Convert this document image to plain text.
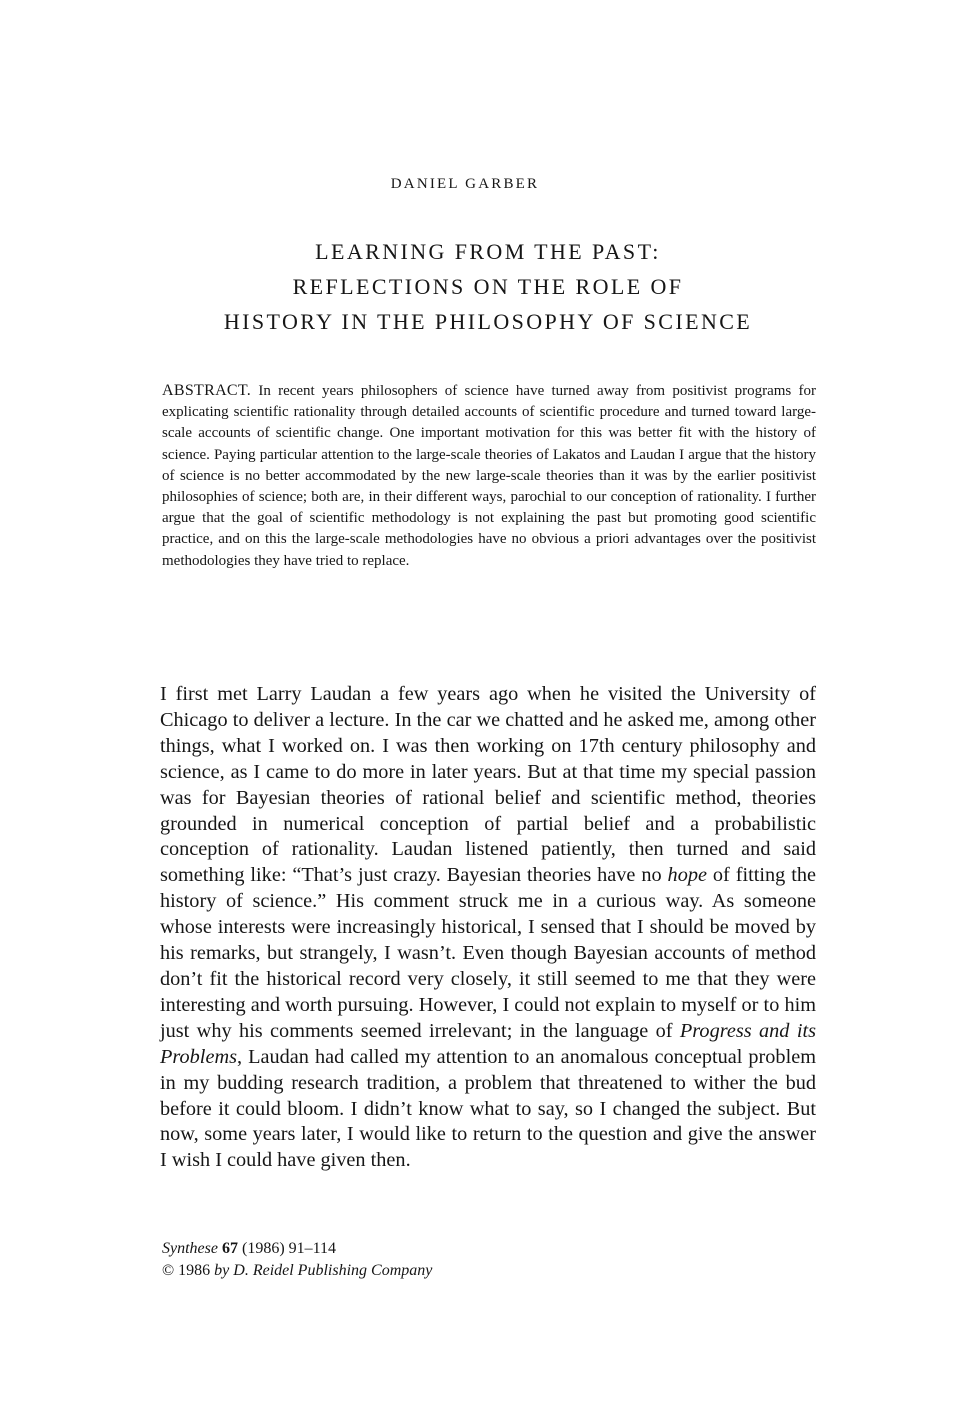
DANIEL GARBER
LEARNING FROM THE PAST:
REFLECTIONS ON THE ROLE OF
HISTORY IN THE PHILOSOPHY OF SCIENCE
ABSTRACT. In recent years philosophers of science have turned away from positivist programs for explicating scientific rationality through detailed accounts of scientific procedure and turned toward large-scale accounts of scientific change. One important motivation for this was better fit with the history of science. Paying particular attention to the large-scale theories of Lakatos and Laudan I argue that the history of science is no better accommodated by the new large-scale theories than it was by the earlier positivist philosophies of science; both are, in their different ways, parochial to our conception of rationality. I further argue that the goal of scientific methodology is not explaining the past but promoting good scientific practice, and on this the large-scale methodologies have no obvious a priori advantages over the positivist methodologies they have tried to replace.
I first met Larry Laudan a few years ago when he visited the University of Chicago to deliver a lecture. In the car we chatted and he asked me, among other things, what I worked on. I was then working on 17th century philosophy and science, as I came to do more in later years. But at that time my special passion was for Bayesian theories of rational belief and scientific method, theories grounded in numerical conception of partial belief and a probabilistic conception of rationality. Laudan listened patiently, then turned and said something like: “That’s just crazy. Bayesian theories have no hope of fitting the history of science.” His comment struck me in a curious way. As someone whose interests were increasingly historical, I sensed that I should be moved by his remarks, but strangely, I wasn’t. Even though Bayesian accounts of method don’t fit the historical record very closely, it still seemed to me that they were interesting and worth pursuing. However, I could not explain to myself or to him just why his comments seemed irrelevant; in the language of Progress and its Problems, Laudan had called my attention to an anomalous conceptual problem in my budding research tradition, a problem that threatened to wither the bud before it could bloom. I didn’t know what to say, so I changed the subject. But now, some years later, I would like to return to the question and give the answer I wish I could have given then.
Synthese 67 (1986) 91–114
© 1986 by D. Reidel Publishing Company
